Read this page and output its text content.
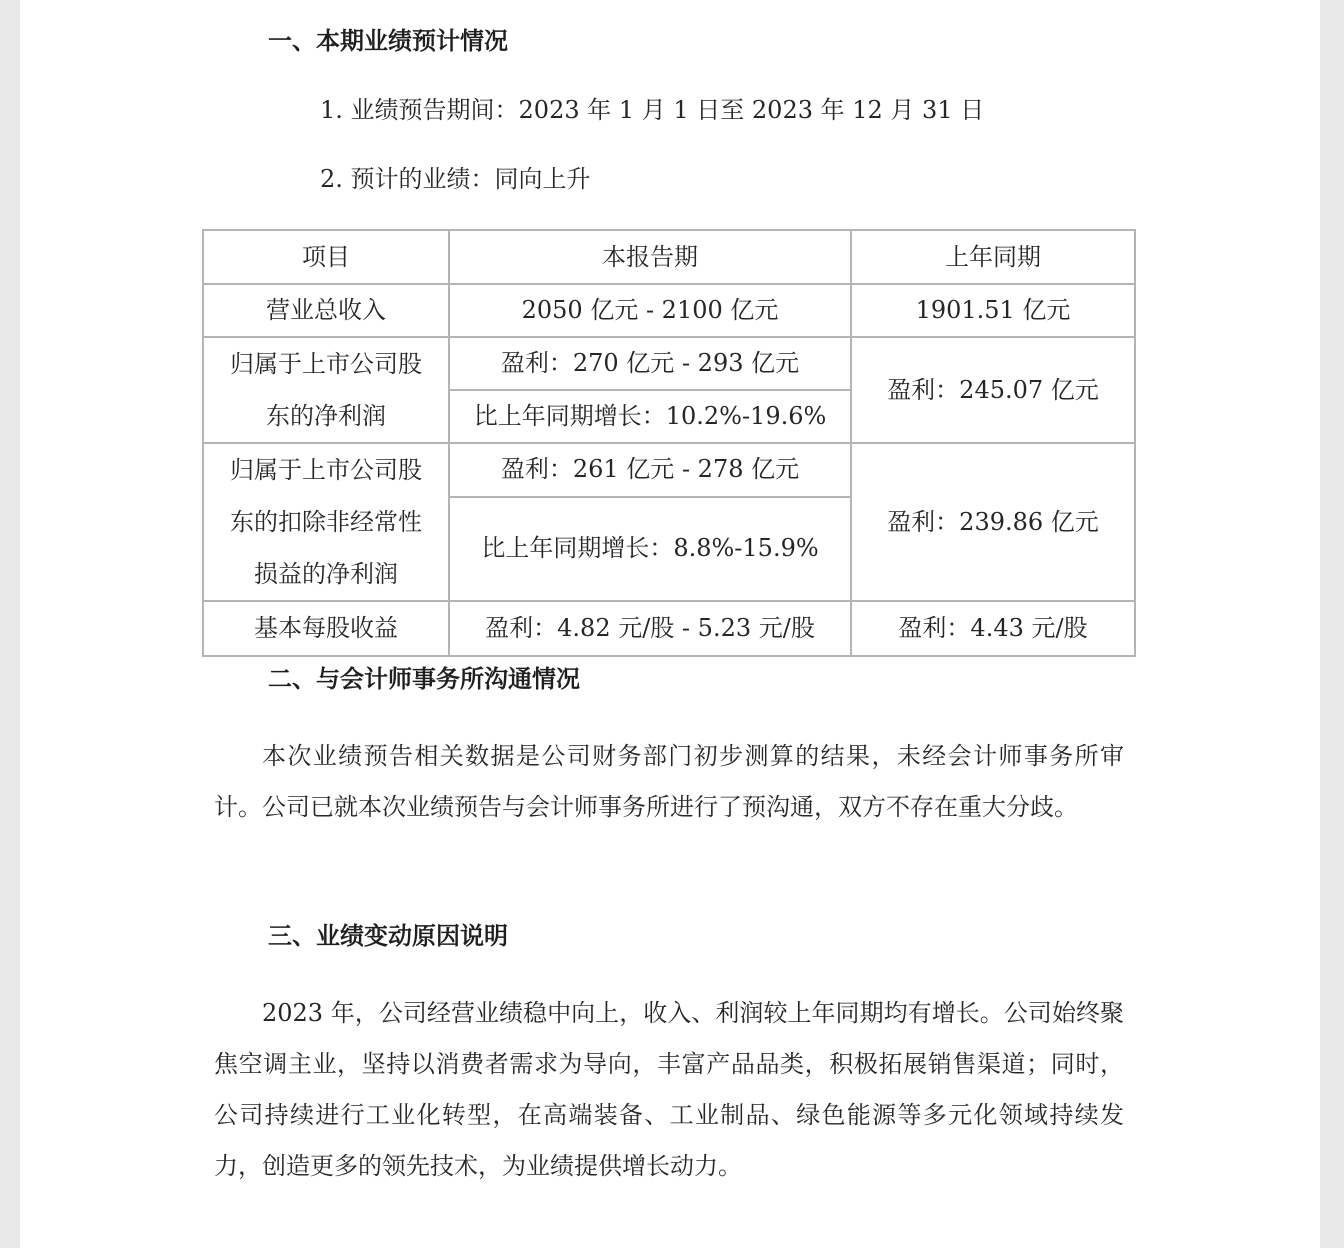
一、本期业绩预计情况
1. 业绩预告期间：2023 年 1 月 1 日至 2023 年 12 月 31 日
2. 预计的业绩：同向上升
项目	本报告期	上年同期
营业总收入	2050 亿元 - 2100 亿元	1901.51 亿元

归属于上市公司股
东的净利润	盈利：270 亿元 - 293 亿元	盈利：245.07 亿元
	比上年同期增长：10.2%-19.6%	

归属于上市公司股
东的扣除非经常性
损益的净利润	盈利：261 亿元 - 278 亿元	盈利：239.86 亿元
	比上年同期增长：8.8%-15.9%	
基本每股收益	盈利：4.82 元/股 - 5.23 元/股	盈利：4.43 元/股
二、与会计师事务所沟通情况

本次业绩预告相关数据是公司财务部门初步测算的结果，未经会计师事务所审计。公司已就本次业绩预告与会计师事务所进行了预沟通，双方不存在重大分歧。

三、业绩变动原因说明

2023 年，公司经营业绩稳中向上，收入、利润较上年同期均有增长。公司始终聚焦空调主业，坚持以消费者需求为导向，丰富产品品类，积极拓展销售渠道；同时，公司持续进行工业化转型，在高端装备、工业制品、绿色能源等多元化领域持续发力，创造更多的领先技术，为业绩提供增长动力。
